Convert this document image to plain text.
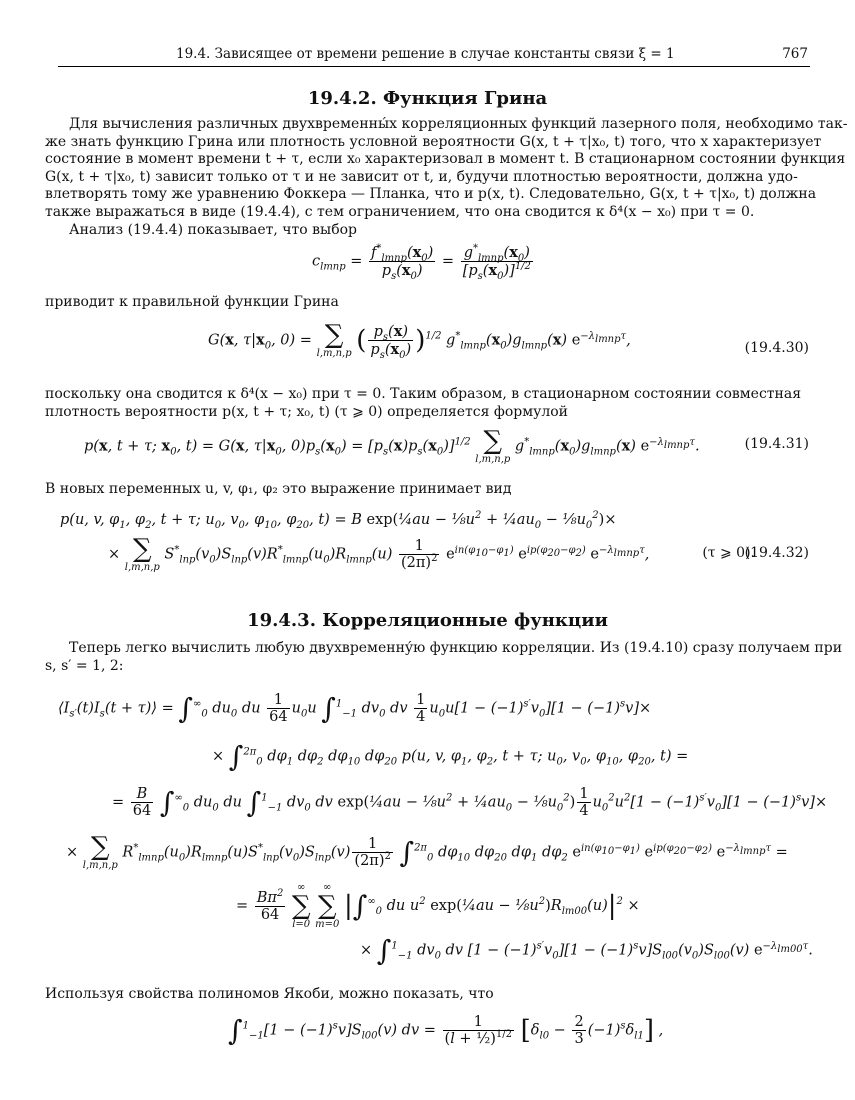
19.4. Зависящее от времени решение в случае константы связи ξ = 1	767
19.4.2. Функция Грина
Для вычисления различных двухвременны́х корреляционных функций лазерного поля, необходимо так-
же знать функцию Грина или плотность условной вероятности G(x, t + τ|x₀, t) того, что x характеризует
состояние в момент времени t + τ, если x₀ характеризовал в момент t. В стационарном состоянии функция
G(x, t + τ|x₀, t) зависит только от τ и не зависит от t, и, будучи плотностью вероятности, должна удо-
влетворять тому же уравнению Фоккера — Планка, что и p(x, t). Следовательно, G(x, t + τ|x₀, t) должна
также выражаться в виде (19.4.4), с тем ограничением, что она сводится к δ⁴(x − x₀) при τ = 0.
Анализ (19.4.4) показывает, что выбор
$c_{lmnp} = \frac{f^*_{lmnp}(x_0)}{p_s(x_0)} = \frac{g^*_{lmnp}(x_0)}{[p_s(x_0)]^{1/2}}$
приводит к правильной функции Грина
G(x, $\tau|x_0$, 0) = ∑
l,m,n,p ( $\frac{p_s(x)}{p_s(x_0)} )^{1/2}$ $g^*_{lmnp}(x_0)g_{lmnp}(x)$ $e^{-\lambda_{lmnp}\tau}$,	(19.4.30)
поскольку она сводится к δ⁴(x − x₀) при τ = 0. Таким образом, в стационарном состоянии совместная
плотность вероятности p(x, t + τ; x₀, t) (τ ⩾ 0) определяется формулой
p(x, t + τ; $x_0$, t) = G(x, $\tau|x_0$, $0)p_s(x_0) = [p_s(x)p_s(x_0)]^{1/2}$ ∑
l,m,n,p
$g^*_{lmnp}(x_0)g_{lmnp}(x)$ $e^{-\lambda_{lmnp}\tau}$.	(19.4.31)
В новых переменных u, v, φ₁, φ₂ это выражение принимает вид
p(u, v, $\varphi_1$, $\varphi_2$, t + τ; $u_0$, $v_0$, $\varphi_{10}$, $\varphi_{20}$, t) = B exp(¼au − $\frac{1}{8}u^2$ + $\frac{1}{4}au_0$ − $\frac{1}{8}u_0^2)\times$
× ∑
l,m,n,p
$S^*_{lnp}(v_0)S_{lnp}(v)R^*_{lmnp}(u_0)R_{lmnp}(u) \frac{1}{(2\pi)^2} e^{in(\varphi_{10}-\varphi_1)}$ $e^{ip(\varphi_{20}-\varphi_2)}$ $e^{-\lambda_{lmnp}\tau}$,	(τ ⩾ 0).
(19.4.32)
19.4.3. Корреляционные функции
Теперь легко вычислить любую двухвременну́ю функцию корреляции. Из (19.4.10) сразу получаем при
s, s′ = 1, 2:
$⟨I_{s'}(t)I_s(t$ + τ)⟩ = $\int^\infty_0$ $du_0$ du $\frac{1}{64} u_0u$ ∫$^1_{-1}$ $dv_0$ dv $\frac{1}{4} u_0u[1 - (-1)^{s'}v_0][1 - (-1)^sv]\times$
× ∫$^{2\pi}_0$ $d\varphi_1$ $d\varphi_2$ $d\varphi_{10}$ $d\varphi_{20}$ p(u, v, $\varphi_1$, $\varphi_2$, t + τ; $u_0$, $v_0$, $\varphi_{10}$, $\varphi_{20}$, t) =
= $\frac{B}{64} \int^\infty_0$ $du_0$ du ∫$^1_{-1}$ $dv_0$ dv exp(¼au − $\frac{1}{8}u^2$ + $\frac{1}{4}au_0$ − $\frac{1}{8}u_0^2) \frac{1}{4} u_0^2u^2[1 - (-1)^{s'}v_0][1 - (-1)^sv]\times$
× ∑
l,m,n,p
$R^*_{lmnp}(u_0)R_{lmnp}(u)S^*_{lnp}(v_0)S_{lnp}(v) \frac{1}{(2\pi)^2} \int^{2\pi}_0$ $d\varphi_{10}$ $d\varphi_{20}$ $d\varphi_1$ $d\varphi_2$ $e^{in(\varphi_{10}-\varphi_1)}$ $e^{ip(\varphi_{20}-\varphi_2)}$ $e^{-\lambda_{lmnp}\tau}$ =
= $\frac{B\pi^2}{64}$

∞
∑
l=0

∞
∑
m=0
$|\int^\infty_0$ du $u^2$ exp(¼au − $\frac{1}{8}u^2)R_{lm00}(u)|^2$ ×
× ∫$^1_{-1}$ $dv_0$ dv $[1 - (-1)^{s'}v_0][1 - (-1)^sv]S_{l00}(v_0)S_{l00}(v)$ $e^{-\lambda_{lm00}\tau}$.
Используя свойства полиномов Якоби, можно показать, что
$\int^1_{-1}[1 - (-1)^sv]S_{l00}(v)$ dv = $\frac{1}{(l + \frac{1}{2})^{1/2}} [\delta_{l0} - \frac{2}{3} (-1)^s\delta_{l1}]$ ,
